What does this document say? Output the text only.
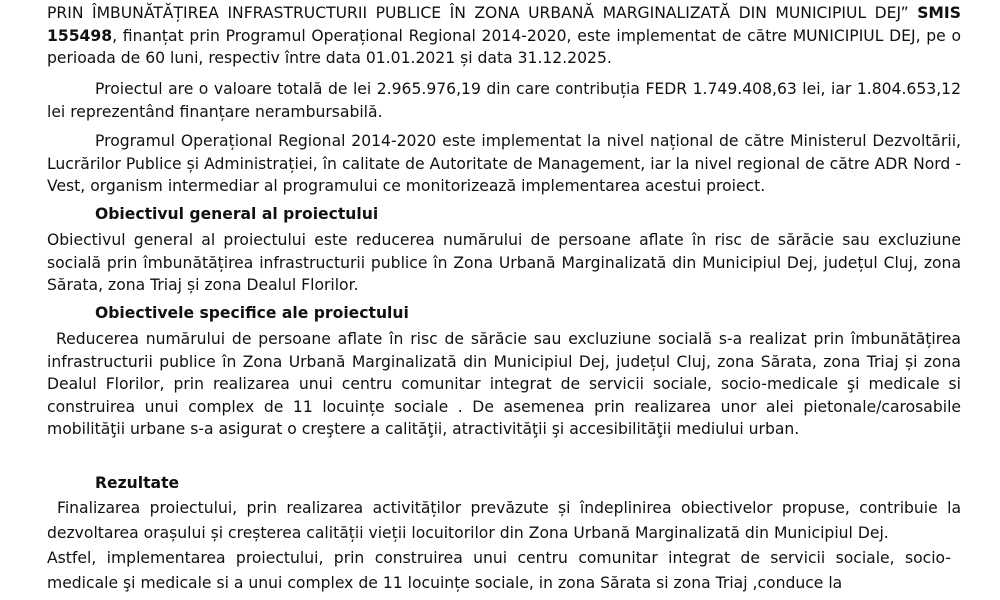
PRIN ÎMBUNĂTĂȚIREA INFRASTRUCTURII PUBLICE ÎN ZONA URBANĂ MARGINALIZATĂ DIN MUNICIPIUL DEJ” SMIS 155498, finanțat prin Programul Operațional Regional 2014-2020, este implementat de către MUNICIPIUL DEJ, pe o perioada de 60 luni, respectiv între data 01.01.2021 și data 31.12.2025.

Proiectul are o valoare totală de lei 2.965.976,19 din care contribuția FEDR 1.749.408,63 lei, iar 1.804.653,12 lei reprezentând finanțare nerambursabilă.

Programul Operațional Regional 2014-2020 este implementat la nivel național de către Ministerul Dezvoltării, Lucrărilor Publice și Administrației, în calitate de Autoritate de Management, iar la nivel regional de către ADR Nord -Vest, organism intermediar al programului ce monitorizează implementarea acestui proiect.

Obiectivul general al proiectului

Obiectivul general al proiectului este reducerea numărului de persoane aflate în risc de sărăcie sau excluziune socială prin îmbunătățirea infrastructurii publice în Zona Urbană Marginalizată din Municipiul Dej, județul Cluj, zona Sărata, zona Triaj și zona Dealul Florilor.

Obiectivele specifice ale proiectului

Reducerea numărului de persoane aflate în risc de sărăcie sau excluziune socială s-a realizat prin îmbunătățirea infrastructurii publice în Zona Urbană Marginalizată din Municipiul Dej, județul Cluj, zona Sărata, zona Triaj și zona Dealul Florilor, prin realizarea unui centru comunitar integrat de servicii sociale, socio-medicale şi medicale si construirea unui complex de 11 locuințe sociale . De asemenea prin realizarea unor alei pietonale/carosabile mobilităţii urbane s-a asigurat o creştere a calităţii, atractivităţii şi accesibilităţii mediului urban.

Rezultate

Finalizarea proiectului, prin realizarea activităților prevăzute și îndeplinirea obiectivelor propuse, contribuie la

dezvoltarea orașului și creșterea calității vieții locuitorilor din Zona Urbană Marginalizată din Municipiul Dej.

Astfel, implementarea proiectului, prin construirea unui centru comunitar integrat de servicii sociale, socio-

medicale şi medicale si a unui complex de 11 locuințe sociale, in zona Sărata si zona Triaj ,conduce la
